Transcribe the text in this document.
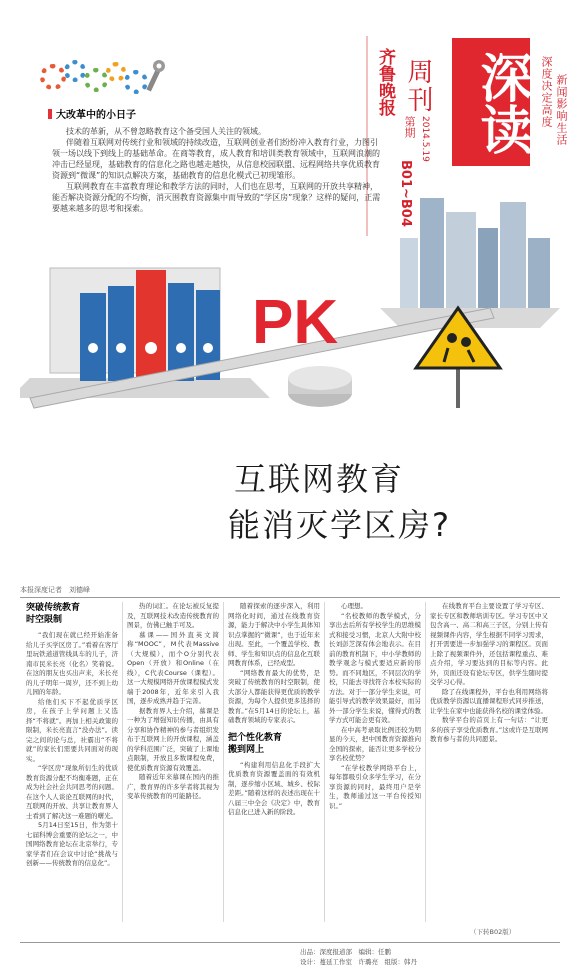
大改革中的小日子	齐鲁晚报 周刊
第期 2014.5.19
B01~B04
深读 深度决定高度 新闻影响生活

技术的革新，从不曾忽略教育这个备受国人关注的领域。

伴随着互联网对传统行业和领域的持续改造，互联网创业者们纷纷冲入教育行业，力图引领一场以线下到线上的基础革命。在商等教育，成人教育和培训类教育领域中，互联网浪潮的冲击已经显现，基础教育的信息化之路也越走越快，从信息校园联盟、远程网络共享优质教育资源到“微课”的知识点解决方案，基础教育的信息化模式已初现雏形。

互联网教育在丰富教育理论和教学方法的同时，人们也在思考，互联网的开放共享精神，能否解决资源分配的不均衡，消灭围教育资源集中而导致的“学区房”现象？这样的疑问，正需要越来越多的思考和探索。

PK
互联网教育
能消灭学区房?
本报深度记者　刘德峰
突破传统教育
时空限制

“我们现在就已经开始准备给儿子买学区房了。”看着在客厅里玩铁道道管线具车的儿子，济南市民米长亮（化名）笑着说。在这的朋友也买出声来，米长亮的儿子明年一周岁，还不到上幼儿园的年龄。

给他们买下不起优质学区房，在孩子上学问题上又选择“不将就”。再加上相关政策的限制，米长亮直言“没办法”。读完之间的论与总，社霸出“不将就”的家长们需要共同面对的现实。

“学区房”现象所衍生的优质教育资源分配不均衡难题，正在成为社会社会共同思考的问题。在这个人人谈论互联网的时代，互联网的开放、共享让教育界人士看到了解决这一难题的曙光。

5月14日至15日，作为第十七届科博会重要的论坛之一，中国网络教育论坛在北京举行，专家学者们在会议中讨论“挑战与创新——传统教育的信息化”。

热的词汇。在论坛被反复提及，互联网技术改造传统教育的图景，仿佛已触手可及。

慕课——国外直英文简称“MOOC”，M代表Massive（大规模），而个O分别代表Open（开放）和Online（在线），C代表Course（课程）。这一大规模网络开放课程模式发端于2008年，近年来引入我国，逐步成熟并趋于完善。

据教育界人士介绍，慕课是一种为了增强知识传播，由具有分享和协作精神的参与者组织发布于互联网上的开放课程，涵盖的学科范围广泛，突破了上课地点限制，开放且多数课程免费，使优质教育资源有效覆盖。

随着近年来慕课在国内的推广，教育界的许多学者将其视为变革传统教育的可能路径。

随着探索的逐步深入，利用网络化时间，通过在线教育资源，能力于解决中小学生具体知识点掌握的“微课”，也于近年来出现。至此，一个覆盖学校、教师、学生和知识点的信息化互联网教育体系，已经成型。

“网络教育最大的优势，是突破了传统教育的时空限制，使大部分人都能获得更优质的教学资源，为每个人提供更多选择的教育。”在5月14日的论坛上，基础教育领域的专家表示。

把个性化教育
搬到网上

“构建利用信息化手段扩大优质教育资源覆盖面的有效机制，逐步缩小区域、城乡、校际差距。”随着这样的表述出现在十八届三中全会《决定》中，教育信息化已进入新的阶段。

心理想。

“名校教师的教学模式，分享出去后所有学校学生的思维模式和接受习惯，北京人大附中校长刘彭芝深有体会地表示。在目前的教育机制下，中小学教师的教学观念与模式要适应新的形势。而不同地区，不同层次的学校，只能去寻找符合本校实际的方法。对于一部分学生来说，可能引导式的教学效果最好，而另外一部分学生来说，懂得式的教学方式可能会更有效。

在中高考录取比例还较为明显的今天，把中国教育资源推向全国的探索，能否让更多学校分享名校优势？

“在学校教学网络平台上，每年都吸引众多学生学习，在分享资源的同时，最终用户是学生，教师通过这一平台传授知识。”

在线教育平台主要设置了学习专区、家长专区和教师培训专区。学习专区中又包含高一、高二和高三子区，分别上传有视频课件内容，学生根据不同学习需求，打开需要进一步加强学习的课程区。页面上除了视频课件外，还包括课程重点、难点介绍，学习要达到的目标等内容。此外，页面还设有论坛专区，供学生随时提交学习心得。

除了在线课程外，平台也利用网络将优质教学资源以直播课程形式同步推送，让学生在家中也能获得名校的课堂体验。

数学平台的首页上有一句话：“让更多的孩子享受优质教育。”这或许是互联网教育参与者的共同愿景。

（下转B02版）
出品：深度报道部　编辑：任鹏
设计：蔓延工作室　许璐亮　组版：韩丹
